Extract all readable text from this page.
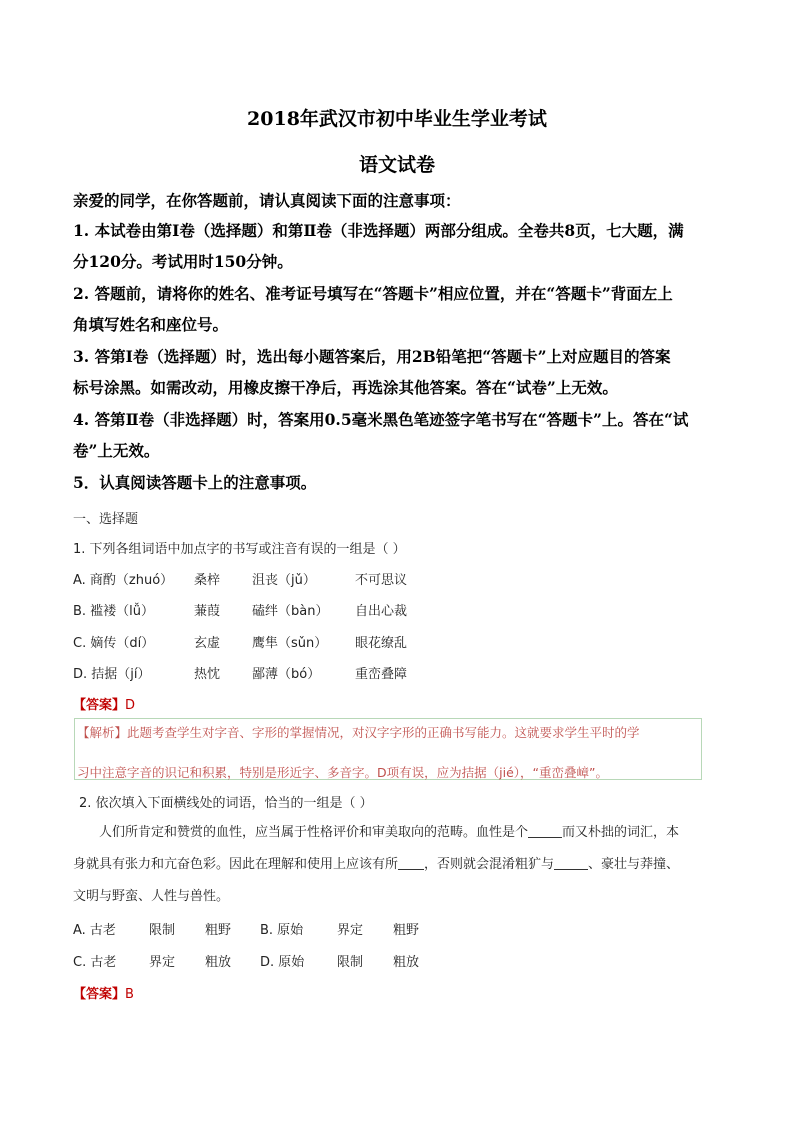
2018年武汉市初中毕业生学业考试
语文试卷
亲爱的同学，在你答题前，请认真阅读下面的注意事项：
1. 本试卷由第Ⅰ卷（选择题）和第Ⅱ卷（非选择题）两部分组成。全卷共8页，七大题，满
分120分。考试用时150分钟。
2. 答题前，请将你的姓名、准考证号填写在“答题卡”相应位置，并在“答题卡”背面左上
角填写姓名和座位号。
3. 答第Ⅰ卷（选择题）时，选出每小题答案后，用2B铅笔把“答题卡”上对应题目的答案
标号涂黑。如需改动，用橡皮擦干净后，再选涂其他答案。答在“试卷”上无效。
4. 答第Ⅱ卷（非选择题）时，答案用0.5毫米黑色笔迹签字笔书写在“答题卡”上。答在“试
卷”上无效。
5．认真阅读答题卡上的注意事项。
一、选择题
1. 下列各组词语中加点字的书写或注音有误的一组是（ ）
A. 商酌（zhuó） 桑梓 沮丧（jǔ）	不可思议
B. 褴褛（lǚ）	蒹葭 磕绊（bàn） 自出心裁
C. 嫡传（dí）	玄虚 鹰隼（sǔn） 眼花缭乱
D. 拮据（jí）	热忱 鄙薄（bó）	重峦叠障
【答案】D
【解析】此题考查学生对字音、字形的掌握情况，对汉字字形的正确书写能力。这就要求学生平时的学
习中注意字音的识记和积累，特别是形近字、多音字。D项有误，应为拮据（jié），“重峦叠嶂”。
2. 依次填入下面横线处的词语，恰当的一组是（ ）
人们所肯定和赞赏的血性，应当属于性格评价和审美取向的范畴。血性是个	而又朴拙的词汇，本
身就具有张力和亢奋色彩。因此在理解和使用上应该有所 ，否则就会混淆粗犷与	、豪壮与莽撞、
文明与野蛮、人性与兽性。
A. 古老	限制 粗野 B. 原始	界定 粗野
C. 古老	界定 粗放 D. 原始	限制 粗放
【答案】B
